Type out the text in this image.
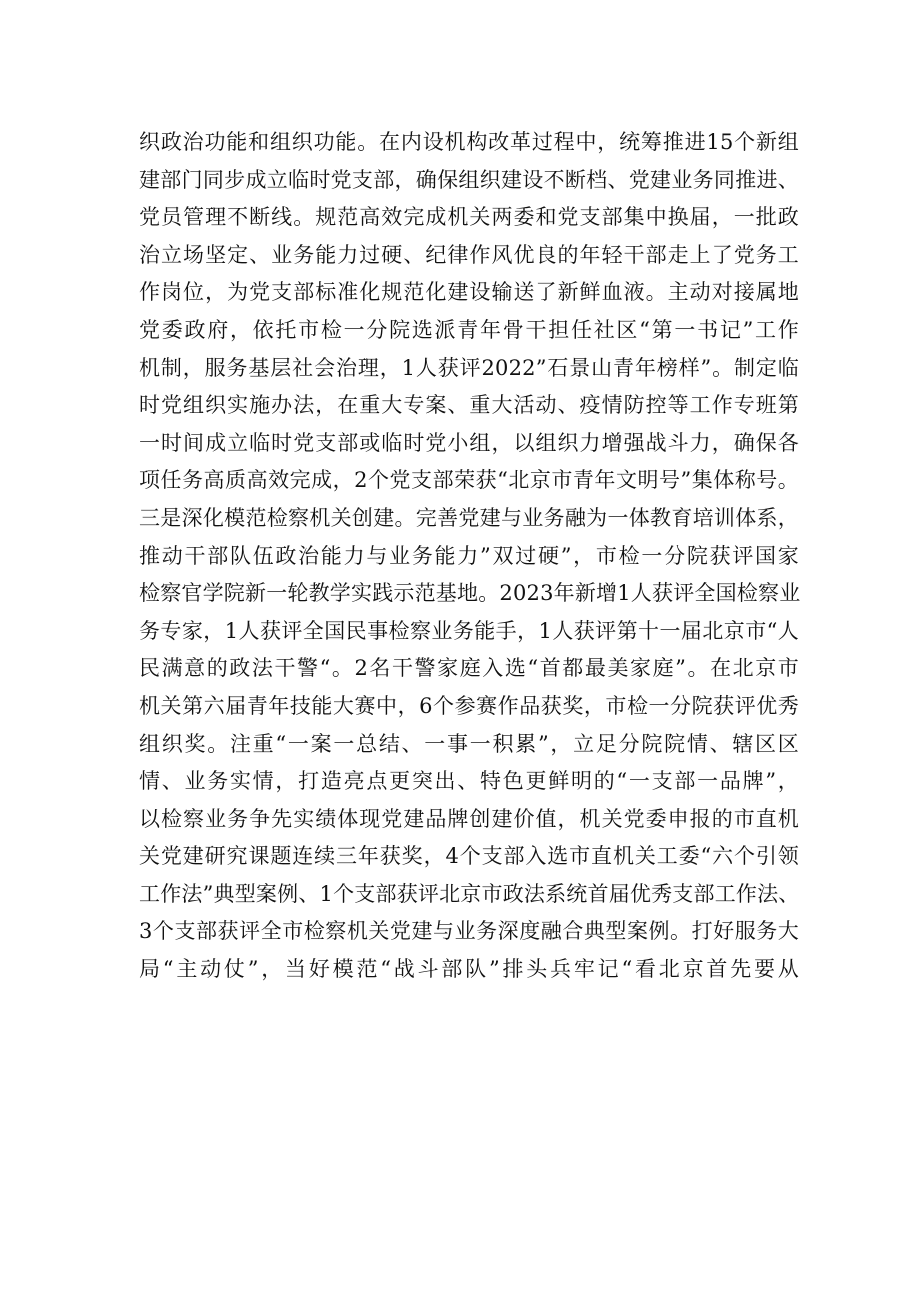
织政治功能和组织功能。在内设机构改革过程中，统筹推进15个新组
建部门同步成立临时党支部，确保组织建设不断档、党建业务同推进、
党员管理不断线。规范高效完成机关两委和党支部集中换届，一批政
治立场坚定、业务能力过硬、纪律作风优良的年轻干部走上了党务工
作岗位，为党支部标准化规范化建设输送了新鲜血液。主动对接属地
党委政府，依托市检一分院选派青年骨干担任社区“第一书记”工作
机制，服务基层社会治理，1人获评2022”石景山青年榜样”。制定临
时党组织实施办法，在重大专案、重大活动、疫情防控等工作专班第
一时间成立临时党支部或临时党小组，以组织力增强战斗力，确保各
项任务高质高效完成，2个党支部荣获“北京市青年文明号”集体称号。
三是深化模范检察机关创建。完善党建与业务融为一体教育培训体系，
推动干部队伍政治能力与业务能力”双过硬”，市检一分院获评国家
检察官学院新一轮教学实践示范基地。2023年新增1人获评全国检察业
务专家，1人获评全国民事检察业务能手，1人获评第十一届北京市“人
民满意的政法干警“。2名干警家庭入选“首都最美家庭”。在北京市
机关第六届青年技能大赛中，6个参赛作品获奖，市检一分院获评优秀
组织奖。注重“一案一总结、一事一积累”，立足分院院情、辖区区
情、业务实情，打造亮点更突出、特色更鲜明的“一支部一品牌”，
以检察业务争先实绩体现党建品牌创建价值，机关党委申报的市直机
关党建研究课题连续三年获奖，4个支部入选市直机关工委“六个引领
工作法”典型案例、1个支部获评北京市政法系统首届优秀支部工作法、
3个支部获评全市检察机关党建与业务深度融合典型案例。打好服务大
局“主动仗”，当好模范“战斗部队”排头兵牢记“看北京首先要从
